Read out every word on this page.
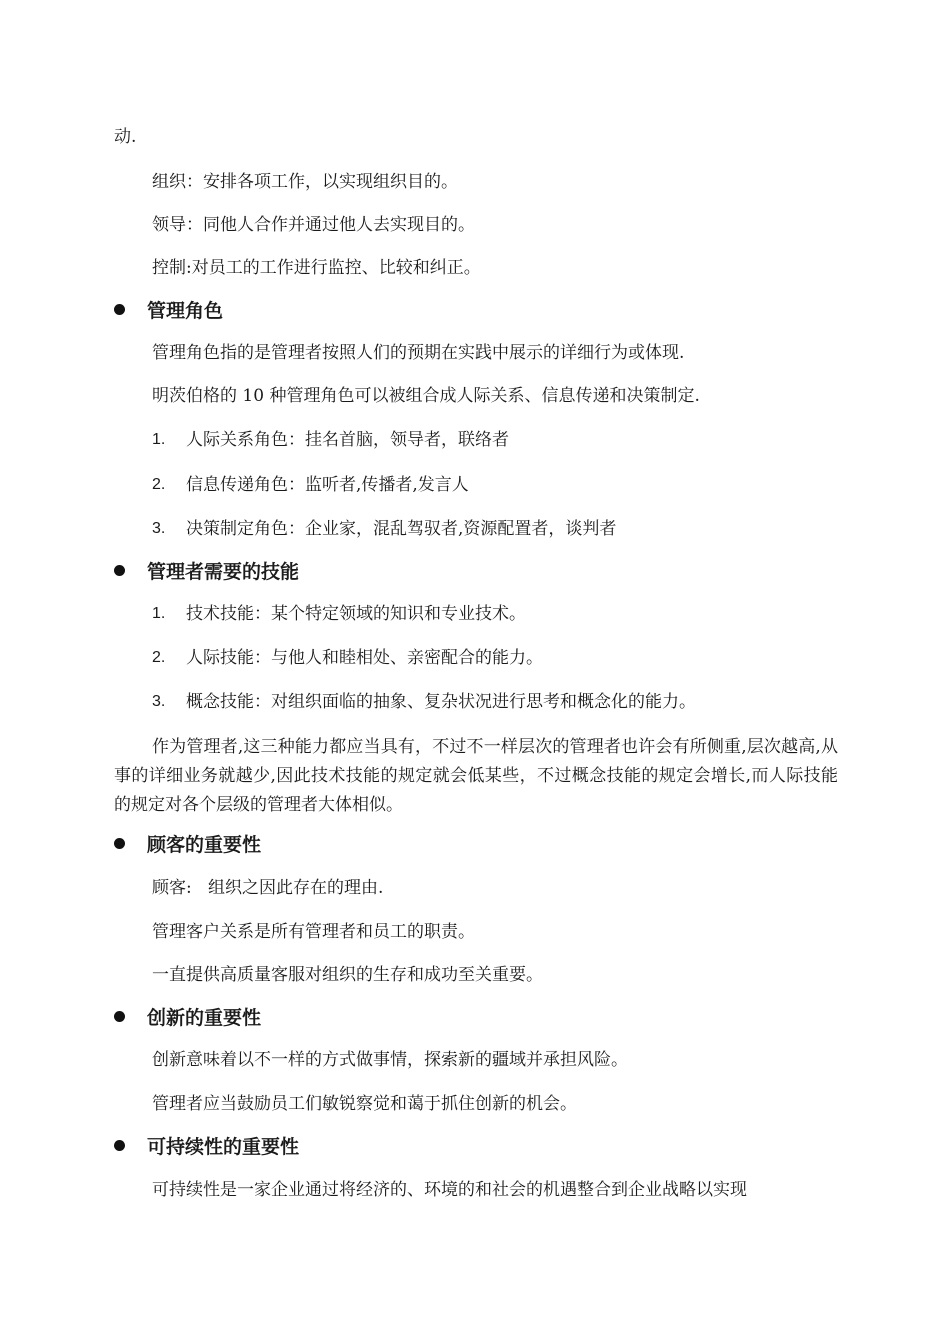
动.
组织：安排各项工作，以实现组织目的。
领导：同他人合作并通过他人去实现目的。
控制:对员工的工作进行监控、比较和纠正。
管理角色
管理角色指的是管理者按照人们的预期在实践中展示的详细行为或体现.
明茨伯格的 10 种管理角色可以被组合成人际关系、信息传递和决策制定.
1. 人际关系角色：挂名首脑，领导者，联络者
2. 信息传递角色：监听者,传播者,发言人
3. 决策制定角色：企业家，混乱驾驭者,资源配置者，谈判者
管理者需要的技能
1. 技术技能：某个特定领域的知识和专业技术。
2. 人际技能：与他人和睦相处、亲密配合的能力。
3. 概念技能：对组织面临的抽象、复杂状况进行思考和概念化的能力。
作为管理者,这三种能力都应当具有，不过不一样层次的管理者也许会有所侧重,层次越高,从事的详细业务就越少,因此技术技能的规定就会低某些，不过概念技能的规定会增长,而人际技能的规定对各个层级的管理者大体相似。
顾客的重要性
顾客:   组织之因此存在的理由.
管理客户关系是所有管理者和员工的职责。
一直提供高质量客服对组织的生存和成功至关重要。
创新的重要性
创新意味着以不一样的方式做事情，探索新的疆域并承担风险。
管理者应当鼓励员工们敏锐察觉和蔼于抓住创新的机会。
可持续性的重要性
可持续性是一家企业通过将经济的、环境的和社会的机遇整合到企业战略以实现
